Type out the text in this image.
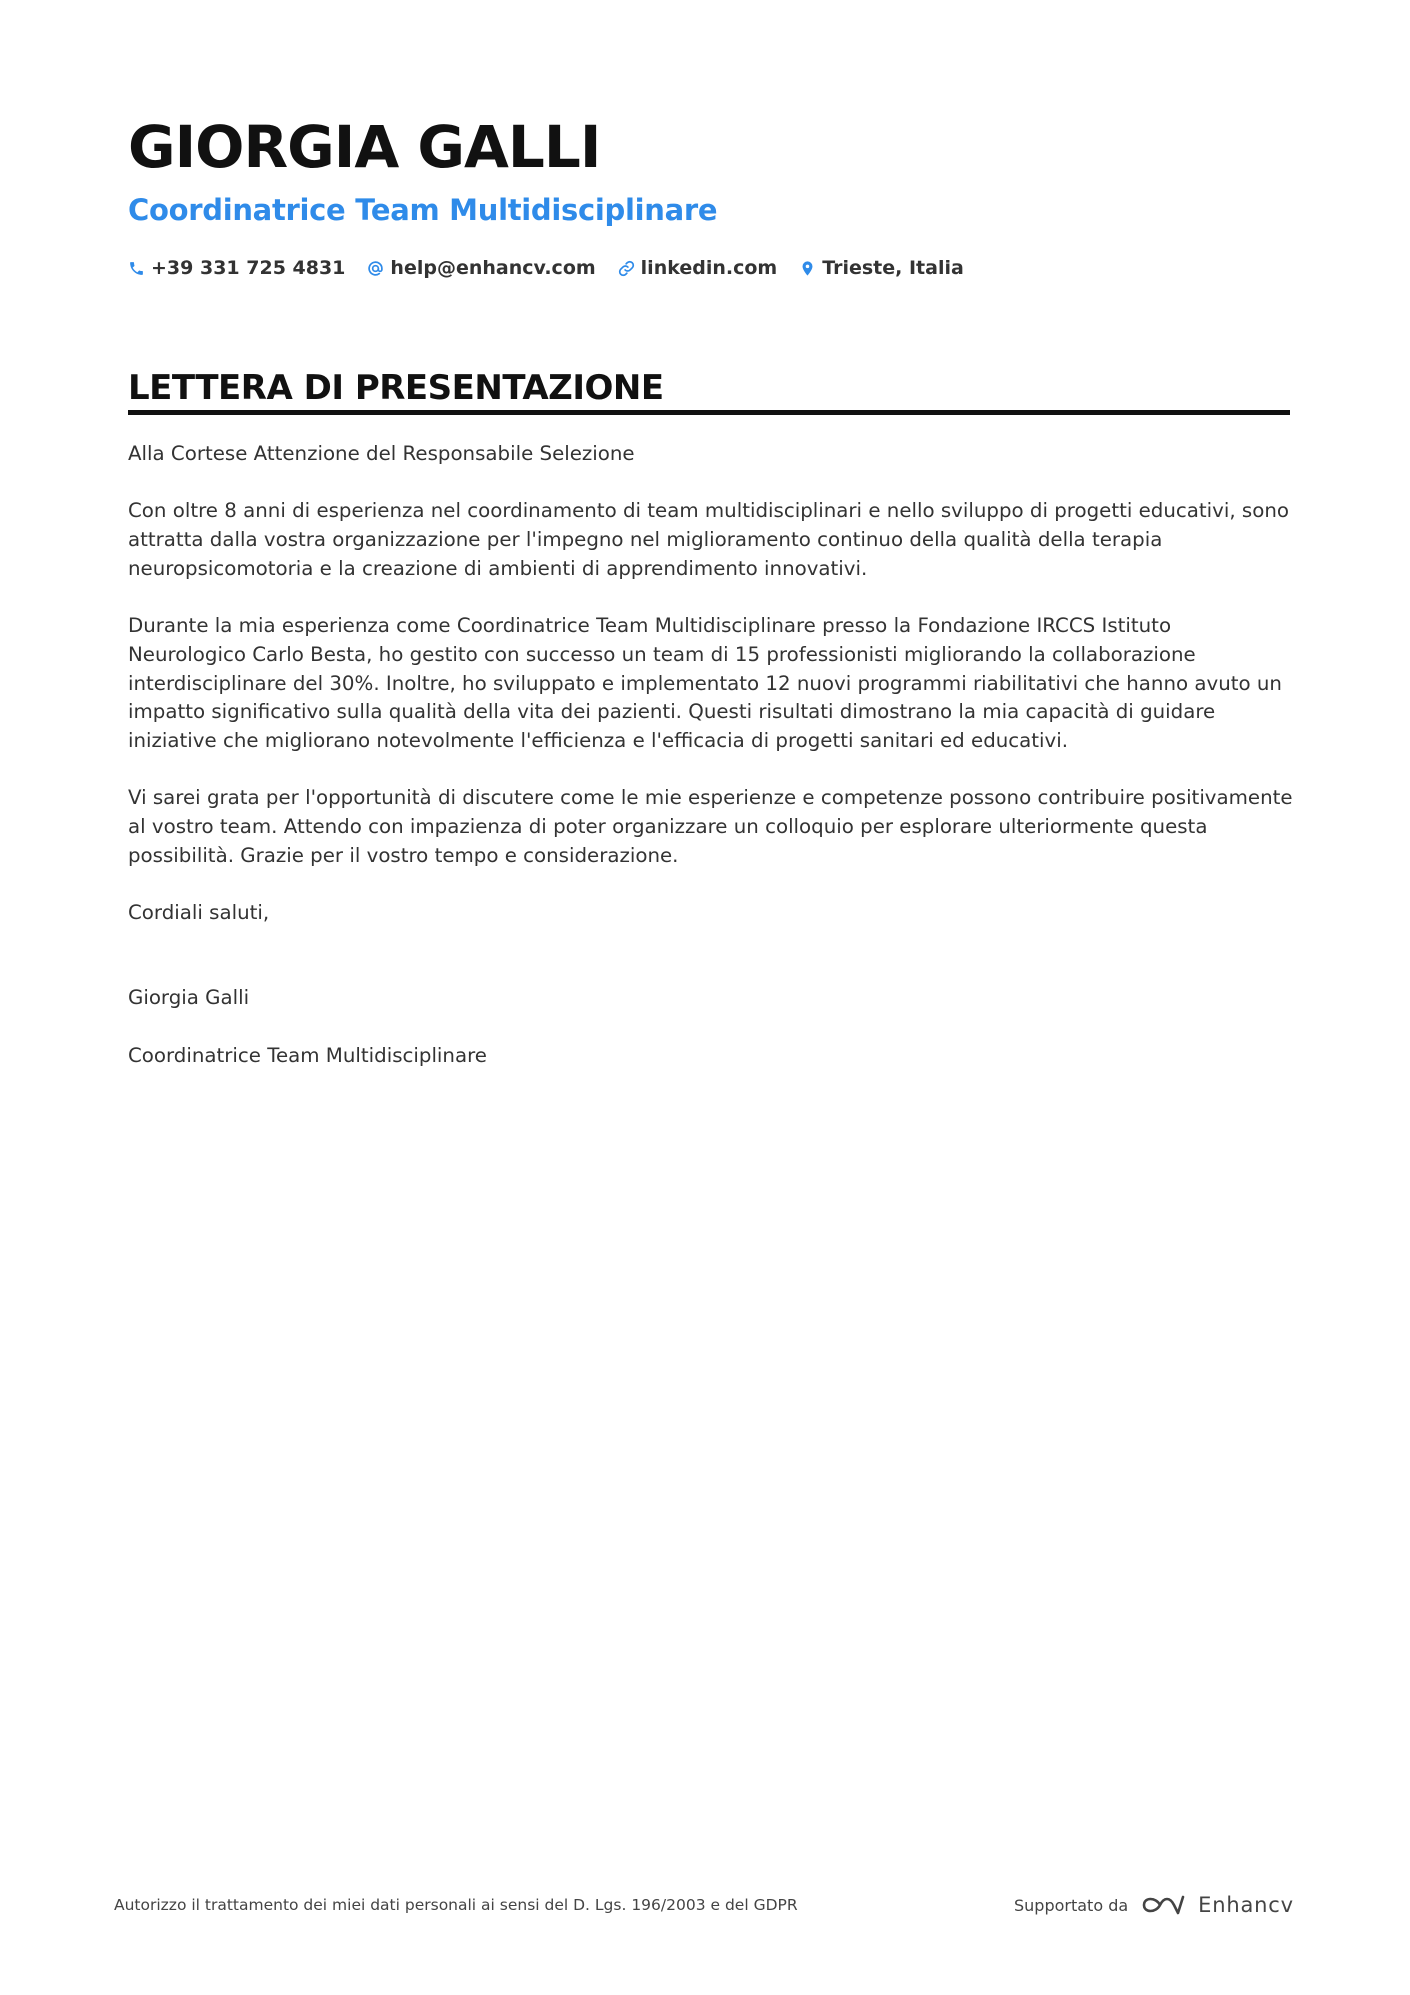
GIORGIA GALLI
Coordinatrice Team Multidisciplinare
+39 331 725 4831 help@enhancv.com linkedin.com Trieste, Italia
LETTERA DI PRESENTAZIONE

Alla Cortese Attenzione del Responsabile Selezione

Con oltre 8 anni di esperienza nel coordinamento di team multidisciplinari e nello sviluppo di progetti educativi, sono attratta dalla vostra organizzazione per l'impegno nel miglioramento continuo della qualità della terapia neuropsicomotoria e la creazione di ambienti di apprendimento innovativi.

Durante la mia esperienza come Coordinatrice Team Multidisciplinare presso la Fondazione IRCCS Istituto Neurologico Carlo Besta, ho gestito con successo un team di 15 professionisti migliorando la collaborazione interdisciplinare del 30%. Inoltre, ho sviluppato e implementato 12 nuovi programmi riabilitativi che hanno avuto un impatto significativo sulla qualità della vita dei pazienti. Questi risultati dimostrano la mia capacità di guidare iniziative che migliorano notevolmente l'efficienza e l'efficacia di progetti sanitari ed educativi.

Vi sarei grata per l'opportunità di discutere come le mie esperienze e competenze possono contribuire positivamente al vostro team. Attendo con impazienza di poter organizzare un colloquio per esplorare ulteriormente questa possibilità. Grazie per il vostro tempo e considerazione.

Cordiali saluti,

Giorgia Galli

Coordinatrice Team Multidisciplinare

Autorizzo il trattamento dei miei dati personali ai sensi del D. Lgs. 196/2003 e del GDPR	Supportato da	Enhancv
